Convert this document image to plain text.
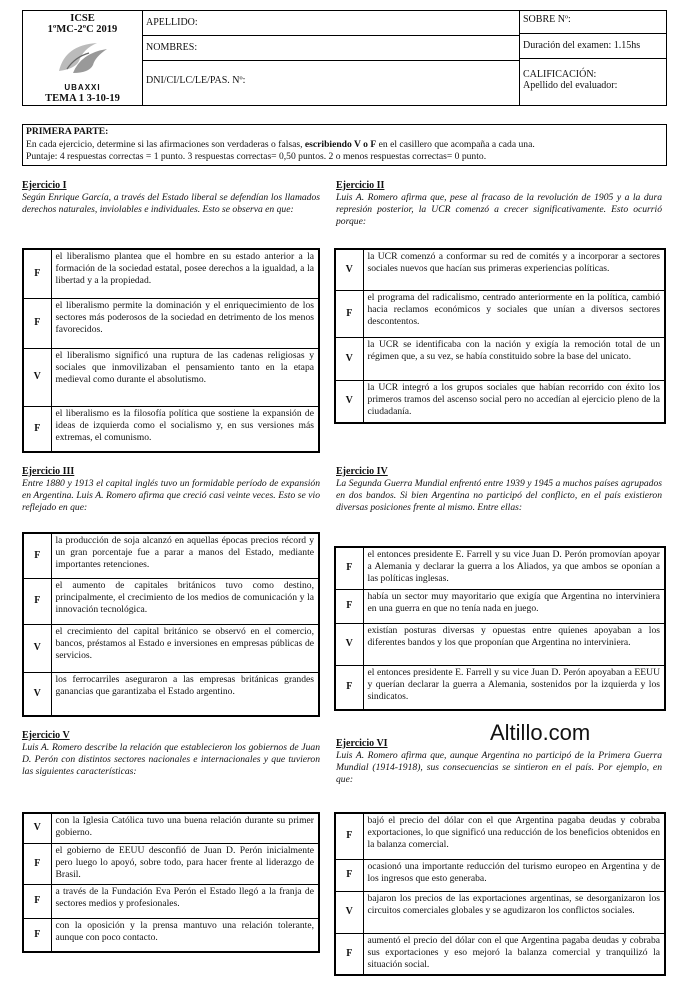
ICSE
1ºMC-2ºC 2019
UBAXXI
TEMA 1 3-10-19
APELLIDO:
NOMBRES:
DNI/CI/LC/LE/PAS. Nº:
SOBRE Nº:
Duración del examen: 1.15hs
CALIFICACIÓN:
Apellido del evaluador:
PRIMERA PARTE:
En cada ejercicio, determine si las afirmaciones son verdaderas o falsas, escribiendo V o F en el casillero que acompaña a cada una.
Puntaje: 4 respuestas correctas = 1 punto. 3 respuestas correctas= 0,50 puntos. 2 o menos respuestas correctas= 0 punto.
Ejercicio I
Según Enrique García, a través del Estado liberal se defendían los llamados derechos naturales, inviolables e individuales. Esto se observa en que:
F	el liberalismo plantea que el hombre en su estado anterior a la formación de la sociedad estatal, posee derechos a la igualdad, a la libertad y a la propiedad.
F	el liberalismo permite la dominación y el enriquecimiento de los sectores más poderosos de la sociedad en detrimento de los menos favorecidos.
V	el liberalismo significó una ruptura de las cadenas religiosas y sociales que inmovilizaban el pensamiento tanto en la etapa medieval como durante el absolutismo.
F	el liberalismo es la filosofía política que sostiene la expansión de ideas de izquierda como el socialismo y, en sus versiones más extremas, el comunismo.
Ejercicio II
Luis A. Romero afirma que, pese al fracaso de la revolución de 1905 y a la dura represión posterior, la UCR comenzó a crecer significativamente. Esto ocurrió porque:
V	la UCR comenzó a conformar su red de comités y a incorporar a sectores sociales nuevos que hacían sus primeras experiencias políticas.
F	el programa del radicalismo, centrado anteriormente en la política, cambió hacia reclamos económicos y sociales que unían a diversos sectores descontentos.
V	la UCR se identificaba con la nación y exigía la remoción total de un régimen que, a su vez, se había constituido sobre la base del unicato.
V	la UCR integró a los grupos sociales que habían recorrido con éxito los primeros tramos del ascenso social pero no accedían al ejercicio pleno de la ciudadanía.
Ejercicio III
Entre 1880 y 1913 el capital inglés tuvo un formidable período de expansión en Argentina. Luis A. Romero afirma que creció casi veinte veces. Esto se vio reflejado en que:
F	la producción de soja alcanzó en aquellas épocas precios récord y un gran porcentaje fue a parar a manos del Estado, mediante importantes retenciones.
F	el aumento de capitales británicos tuvo como destino, principalmente, el crecimiento de los medios de comunicación y la innovación tecnológica.
V	el crecimiento del capital británico se observó en el comercio, bancos, préstamos al Estado e inversiones en empresas públicas de servicios.
V	los ferrocarriles aseguraron a las empresas británicas grandes ganancias que garantizaba el Estado argentino.
Ejercicio IV
La Segunda Guerra Mundial enfrentó entre 1939 y 1945 a muchos países agrupados en dos bandos. Si bien Argentina no participó del conflicto, en el país existieron diversas posiciones frente al mismo. Entre ellas:
F	el entonces presidente E. Farrell y su vice Juan D. Perón promovían apoyar a Alemania y declarar la guerra a los Aliados, ya que ambos se oponían a las políticas inglesas.
F	había un sector muy mayoritario que exigía que Argentina no interviniera en una guerra en que no tenía nada en juego.
V	existían posturas diversas y opuestas entre quienes apoyaban a los diferentes bandos y los que proponían que Argentina no interviniera.
F	el entonces presidente E. Farrell y su vice Juan D. Perón apoyaban a EEUU y querían declarar la guerra a Alemania, sostenidos por la izquierda y los sindicatos.
Altillo.com
Ejercicio V
Luis A. Romero describe la relación que establecieron los gobiernos de Juan D. Perón con distintos sectores nacionales e internacionales y que tuvieron las siguientes características:
V	con la Iglesia Católica tuvo una buena relación durante su primer gobierno.
F	el gobierno de EEUU desconfió de Juan D. Perón inicialmente pero luego lo apoyó, sobre todo, para hacer frente al liderazgo de Brasil.
F	a través de la Fundación Eva Perón el Estado llegó a la franja de sectores medios y profesionales.
F	con la oposición y la prensa mantuvo una relación tolerante, aunque con poco contacto.
Ejercicio VI
Luis A. Romero afirma que, aunque Argentina no participó de la Primera Guerra Mundial (1914-1918), sus consecuencias se sintieron en el país. Por ejemplo, en que:
F	bajó el precio del dólar con el que Argentina pagaba deudas y cobraba exportaciones, lo que significó una reducción de los beneficios obtenidos en la balanza comercial.
F	ocasionó una importante reducción del turismo europeo en Argentina y de los ingresos que esto generaba.
V	bajaron los precios de las exportaciones argentinas, se desorganizaron los circuitos comerciales globales y se agudizaron los conflictos sociales.
F	aumentó el precio del dólar con el que Argentina pagaba deudas y cobraba sus exportaciones y eso mejoró la balanza comercial y tranquilizó la situación social.
